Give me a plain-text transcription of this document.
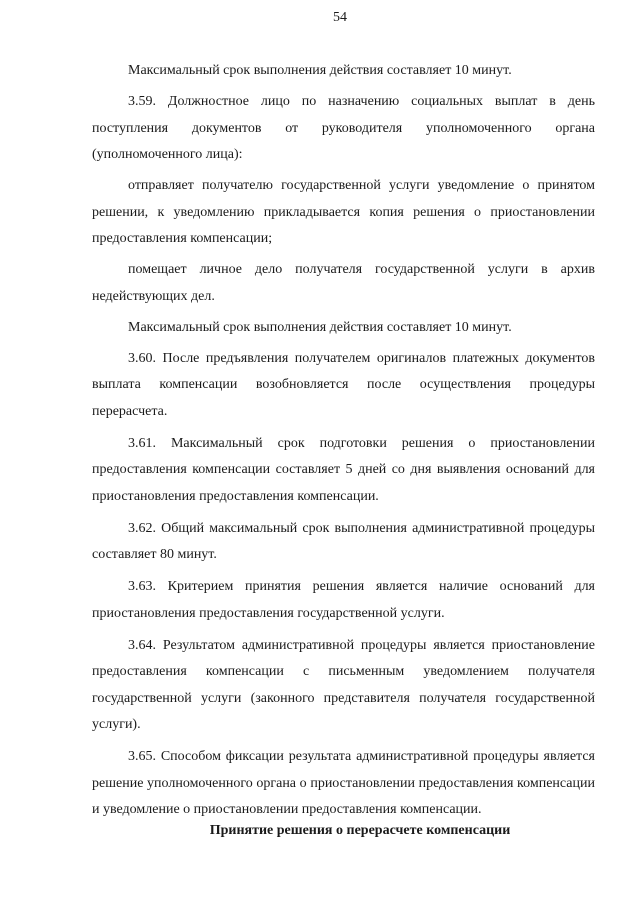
54

Максимальный срок выполнения действия составляет 10 минут.

3.59. Должностное лицо по назначению социальных выплат в день поступления документов от руководителя уполномоченного органа (уполномоченного лица):

отправляет получателю государственной услуги уведомление о принятом решении, к уведомлению прикладывается копия решения о приостановлении предоставления компенсации;

помещает личное дело получателя государственной услуги в архив недействующих дел.

Максимальный срок выполнения действия составляет 10 минут.

3.60. После предъявления получателем оригиналов платежных документов выплата компенсации возобновляется после осуществления процедуры перерасчета.

3.61. Максимальный срок подготовки решения о приостановлении предоставления компенсации составляет 5 дней со дня выявления оснований для приостановления предоставления компенсации.

3.62. Общий максимальный срок выполнения административной процедуры составляет 80 минут.

3.63. Критерием принятия решения является наличие оснований для приостановления предоставления государственной услуги.

3.64. Результатом административной процедуры является приостановление предоставления компенсации с письменным уведомлением получателя государственной услуги (законного представителя получателя государственной услуги).

3.65. Способом фиксации результата административной процедуры является решение уполномоченного органа о приостановлении предоставления компенсации и уведомление о приостановлении предоставления компенсации.

Принятие решения о перерасчете компенсации
